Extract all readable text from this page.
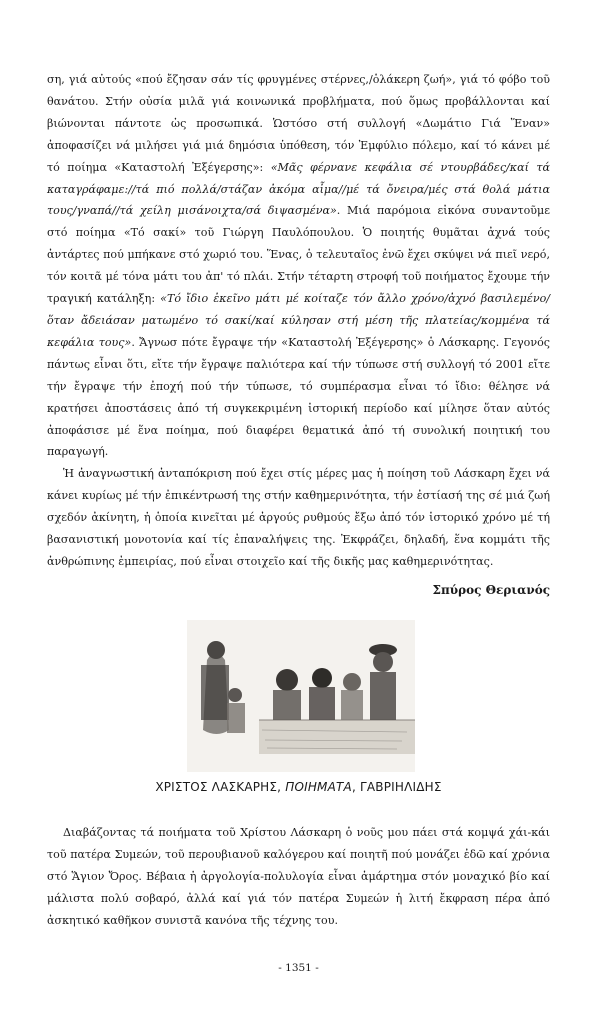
ση, γιά αὐτούς «πού ἔζησαν σάν τίς φρυγμένες στέρνες,/ὁλάκερη ζωή», γιά τό φόβο τοῦ θανάτου. Στήν οὐσία μιλᾶ γιά κοινωνικά προβλήματα, πού ὅμως προβάλλονται καί βιώνονται πάντοτε ὡς προσωπικά. Ὡστόσο στή συλλογή «Δωμάτιο Γιά Ἕναν» ἀποφασίζει νά μιλήσει γιά μιά δημόσια ὑπόθεση, τόν Ἐμφύλιο πόλεμο, καί τό κάνει μέ τό ποίημα «Καταστολή Ἐξέγερσης»: «Μᾶς φέρνανε κεφάλια σέ ντουρβάδες/καί τά καταγράφαμε://τά πιό πολλά/στάζαν ἀκόμα αἷμα//μέ τά ὄνειρα/μές στά θολά μάτια τους/γναπά//τά χείλη μισάνοιχτα/σά διψασμένα». Μιά παρόμοια εἰκόνα συναντοῦμε στό ποίημα «Τό σακί» τοῦ Γιώργη Παυλόπουλου. Ὁ ποιητής θυμᾶται ἀχνά τούς ἀντάρτες πού μπήκανε στό χωριό του. Ἕνας, ὁ τελευταῖος ἐνῶ ἔχει σκύψει νά πιεῖ νερό, τόν κοιτᾶ μέ τόνα μάτι του ἀπ' τό πλάι. Στήν τέταρτη στροφή τοῦ ποιήματος ἔχουμε τήν τραγική κατάληξη: «Τό ἴδιο ἐκεῖνο μάτι μέ κοίταζε τόν ἄλλο χρόνο/ἀχνό βασιλεμένο/ὅταν ἄδειάσαν ματωμένο τό σακί/καί κύλησαν στή μέση τῆς πλατείας/κομμένα τά κεφάλια τους». Ἄγνωσ πότε ἔγραψε τήν «Καταστολή Ἐξέγερσης» ὁ Λάσκαρης. Γεγονός πάντως εἶναι ὅτι, εἴτε τήν ἔγραψε παλιότερα καί τήν τύπωσε στή συλλογή τό 2001 εἴτε τήν ἔγραψε τήν ἐποχή πού τήν τύπωσε, τό συμπέρασμα εἶναι τό ἴδιο: θέλησε νά κρατήσει ἀποστάσεις ἀπό τή συγκεκριμένη ἱστορική περίοδο καί μίλησε ὅταν αὐτός ἀποφάσισε μέ ἕνα ποίημα, πού διαφέρει θεματικά ἀπό τή συνολική ποιητική του παραγωγή.

Ἡ ἀναγνωστική ἀνταπόκριση πού ἔχει στίς μέρες μας ἡ ποίηση τοῦ Λάσκαρη ἔχει νά κάνει κυρίως μέ τήν ἐπικέντρωσή της στήν καθημερινότητα, τήν ἐστίασή της σέ μιά ζωή σχεδόν ἀκίνητη, ἡ ὁποία κινεῖται μέ ἀργούς ρυθμούς ἔξω ἀπό τόν ἱστορικό χρόνο μέ τή βασανιστική μονοτονία καί τίς ἐπαναλήψεις της. Ἐκφράζει, δηλαδή, ἕνα κομμάτι τῆς ἀνθρώπινης ἐμπειρίας, πού εἶναι στοιχεῖο καί τῆς δικῆς μας καθημερινότητας.

Σπύρος Θεριανός
ΧΡΙΣΤΟΣ ΛΑΣΚΑΡΗΣ, ΠΟΙΗΜΑΤΑ, ΓΑΒΡΙΗΛΙΔΗΣ

Διαβάζοντας τά ποιήματα τοῦ Χρίστου Λάσκαρη ὁ νοῦς μου πάει στά κομψά χάι-κάι τοῦ πατέρα Συμεών, τοῦ περουβιανοῦ καλόγερου καί ποιητῆ πού μονάζει ἐδῶ καί χρόνια στό Ἅγιον Ὄρος. Βέβαια ἡ ἀργολογία-πολυλογία εἶναι ἁμάρτημα στόν μοναχικό βίο καί μάλιστα πολύ σοβαρό, ἀλλά καί γιά τόν πατέρα Συμεών ἡ λιτή ἔκφραση πέρα ἀπό ἀσκητικό καθῆκον συνιστᾶ κανόνα τῆς τέχνης του.

- 1351 -
